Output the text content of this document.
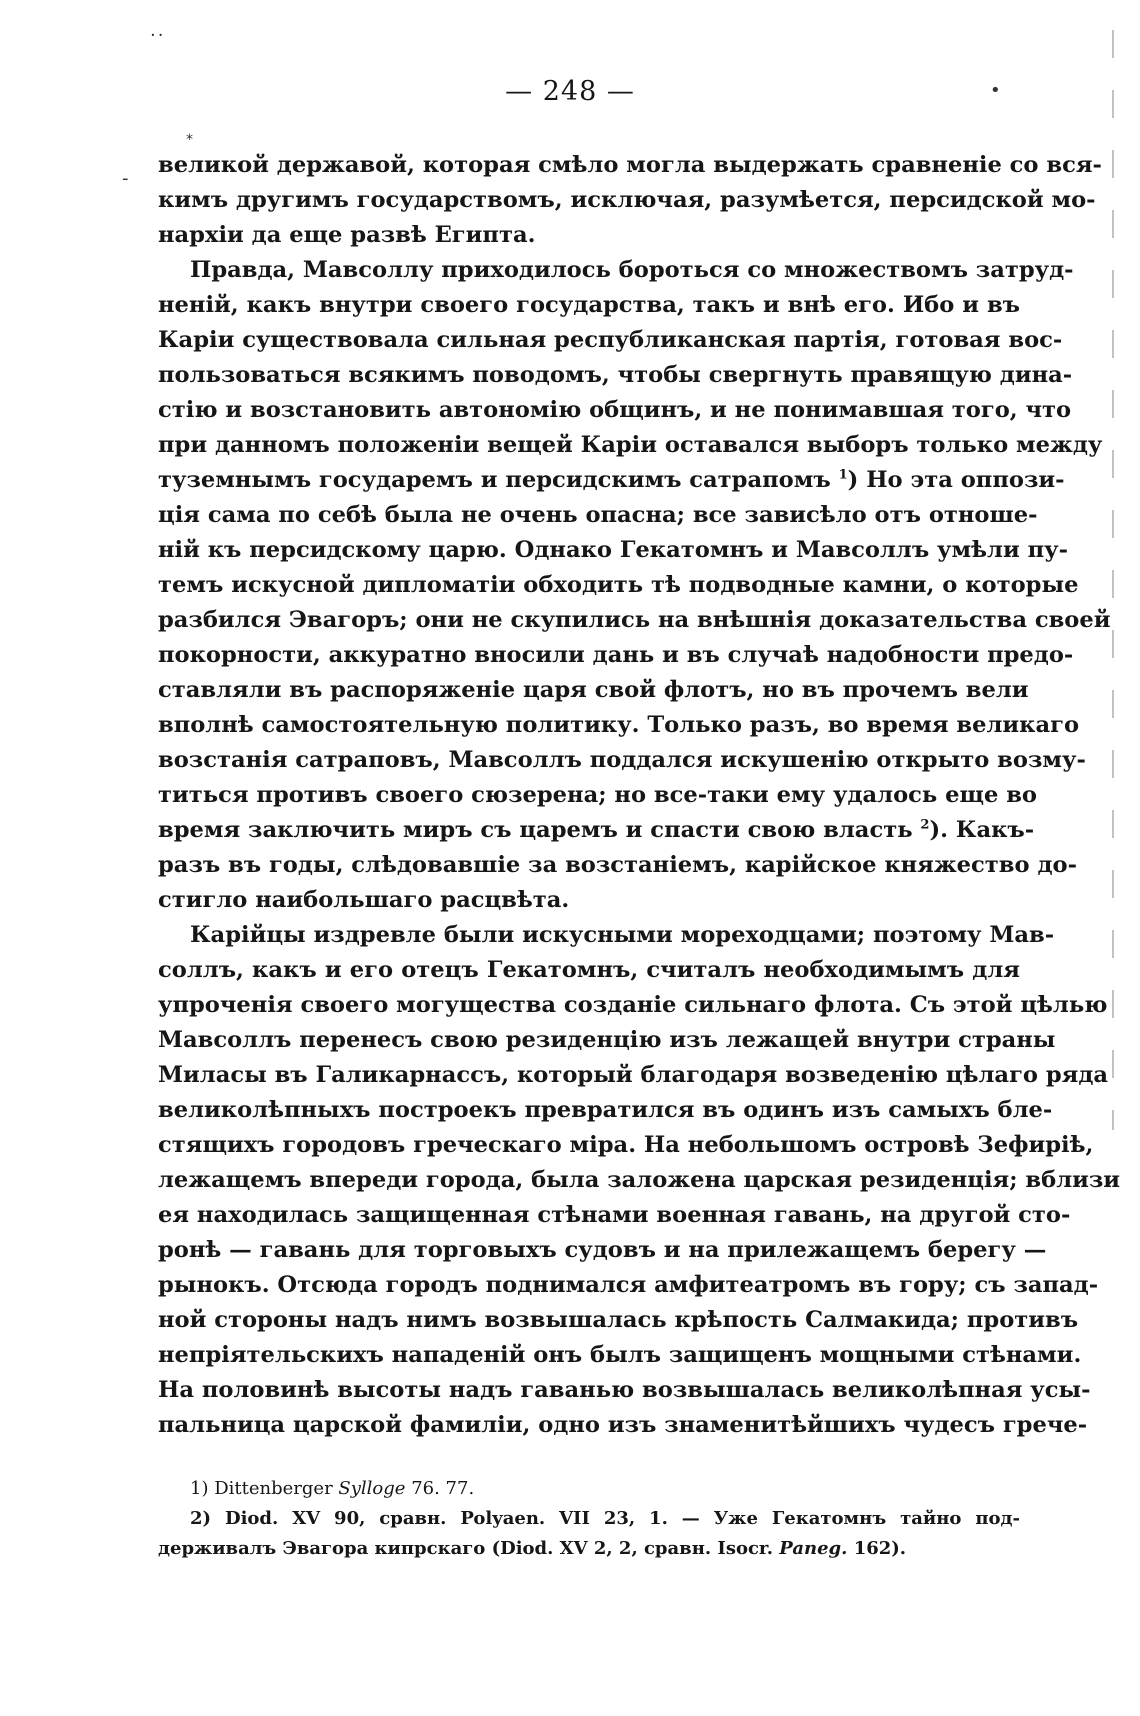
..
•
-
*
— 248 —
великой державой, которая смѣло могла выдержать сравненіе со вся-
кимъ другимъ государствомъ, исключая, разумѣется, персидской мо-
нархіи да еще развѣ Египта.
Правда, Мавсоллу приходилось бороться со множествомъ затруд-
неній, какъ внутри своего государства, такъ и внѣ его. Ибо и въ
Каріи существовала сильная республиканская партія, готовая вос-
пользоваться всякимъ поводомъ, чтобы свергнуть правящую дина-
стію и возстановить автономію общинъ, и не понимавшая того, что
при данномъ положеніи вещей Каріи оставался выборъ только между
туземнымъ государемъ и персидскимъ сатрапомъ $^1$) Но эта оппози-
ція сама по себѣ была не очень опасна; все зависѣло отъ отноше-
ній къ персидскому царю. Однако Гекатомнъ и Мавсоллъ умѣли пу-
темъ искусной дипломатіи обходить тѣ подводные камни, о которые
разбился Эвагоръ; они не скупились на внѣшнія доказательства своей
покорности, аккуратно вносили дань и въ случаѣ надобности предо-
ставляли въ распоряженіе царя свой флотъ, но въ прочемъ вели
вполнѣ самостоятельную политику. Только разъ, во время великаго
возстанія сатраповъ, Мавсоллъ поддался искушенію открыто возму-
титься противъ своего сюзерена; но все-таки ему удалось еще во
время заключить миръ съ царемъ и спасти свою власть $^2$). Какъ-
разъ въ годы, слѣдовавшіе за возстаніемъ, карійское княжество до-
стигло наибольшаго расцвѣта.
Карійцы издревле были искусными мореходцами; поэтому Мав-
соллъ, какъ и его отецъ Гекатомнъ, считалъ необходимымъ для
упроченія своего могущества созданіе сильнаго флота. Съ этой цѣлью
Мавсоллъ перенесъ свою резиденцію изъ лежащей внутри страны
Миласы въ Галикарнассъ, который благодаря возведенію цѣлаго ряда
великолѣпныхъ построекъ превратился въ одинъ изъ самыхъ бле-
стящихъ городовъ греческаго міра. На небольшомъ островѣ Зефиріѣ,
лежащемъ впереди города, была заложена царская резиденція; вблизи
ея находилась защищенная стѣнами военная гавань, на другой сто-
ронѣ — гавань для торговыхъ судовъ и на прилежащемъ берегу —
рынокъ. Отсюда городъ поднимался амфитеатромъ въ гору; съ запад-
ной стороны надъ нимъ возвышалась крѣпость Салмакида; противъ
непріятельскихъ нападеній онъ былъ защищенъ мощными стѣнами.
На половинѣ высоты надъ гаванью возвышалась великолѣпная усы-
пальница царской фамиліи, одно изъ знаменитѣйшихъ чудесъ грече-
1) Dittenberger Sylloge 76. 77.
2) Diod. XV 90, сравн. Polyaen. VII 23, 1. — Уже Гекатомнъ тайно под-
держивалъ Эвагора кипрскаго (Diod. XV 2, 2, сравн. Isocr. Paneg. 162).
